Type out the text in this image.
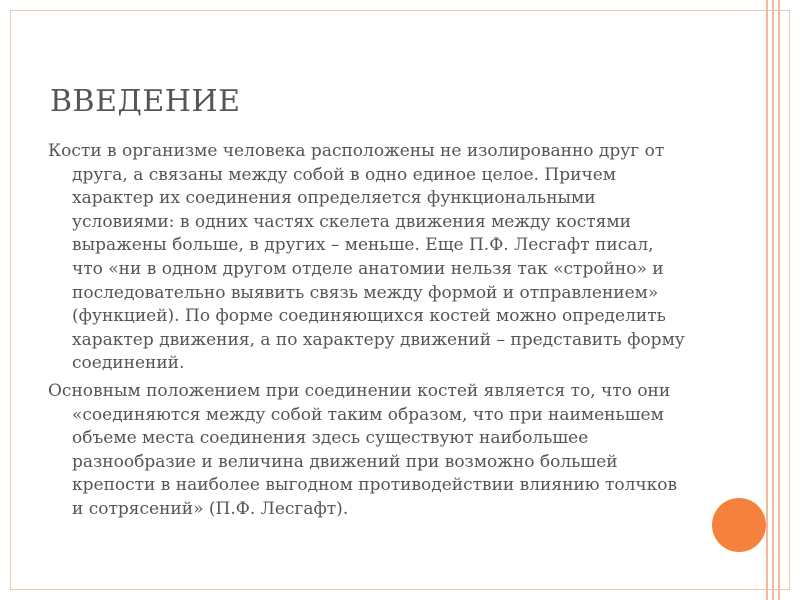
ВВЕДЕНИЕ

Кости в организме человека расположены не изолированно друг от друга, а связаны между собой в одно единое целое. Причем характер их соединения определяется функциональными условиями: в одних частях скелета движения между костями выражены больше, в других – меньше. Еще П.Ф. Лесгафт писал, что «ни в одном другом отделе анатомии нельзя так «стройно» и последовательно выявить связь между формой и отправлением» (функцией). По форме соединяющихся костей можно определить характер движения, а по характеру движений – представить форму соединений.

Основным положением при соединении костей является то, что они «соединяются между собой таким образом, что при наименьшем объеме места соединения здесь существуют наибольшее разнообразие и величина движений при возможно большей крепости в наиболее выгодном противодействии влиянию толчков и сотрясений» (П.Ф. Лесгафт).
